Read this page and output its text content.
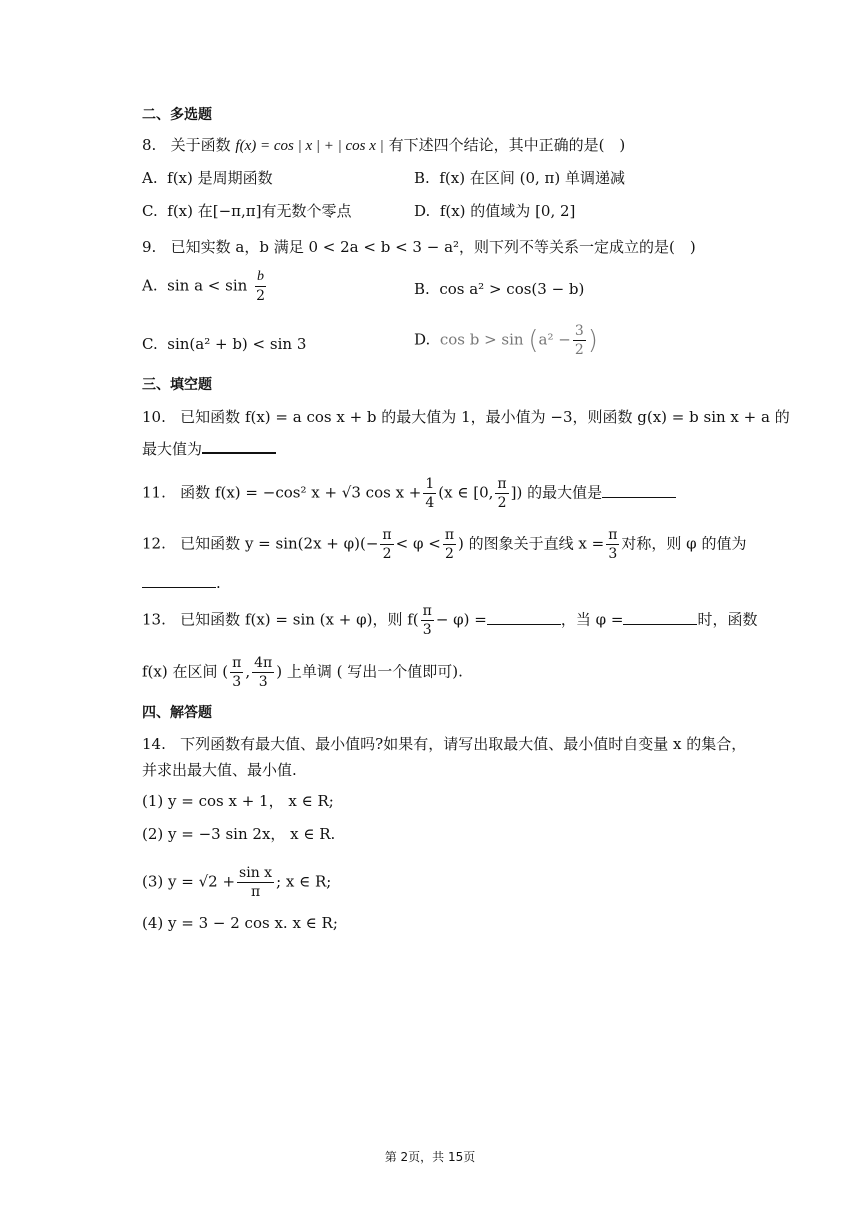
二、多选题
8. 关于函数 f(x) = cos | x | + | cos x | 有下述四个结论，其中正确的是(　)
A. f(x) 是周期函数	B. f(x) 在区间 (0, π) 单调递减
C. f(x) 在[−π,π]有无数个零点	D. f(x) 的值域为 [0, 2]
9. 已知实数 a，b 满足 0 < 2a < b < 3 − a²，则下列不等关系一定成立的是(　)
A. $\sin a < \sin \frac{b}{2}$	B. cos a² > cos(3 − b)
C. sin(a² + b) < sin 3	D. $\cos b > \sin (a^2 - \frac{3}{2}$ )
三、填空题
10. 已知函数 f(x) = a cos x + b 的最大值为 1，最小值为 −3，则函数 g(x) = b sin x + a 的
最大值为
11. 函数 f(x) = −cos² x + √3 $\cos x + \frac{1}{4} (x$ ∈ [0, $\frac{\pi}{2}$ ]) 的最大值是
12. 已知函数 $y = \sin(2x + \varphi)(- \frac{\pi}{2} < \varphi < \frac{\pi}{2}$ ) 的图象关于直线 $x = \frac{\pi}{3}$ 对称，则 φ 的值为
.
13. 已知函数 f(x) = sin (x + φ)，则 $f( \frac{\pi}{3} - \varphi)$ =	，当 φ =	时，函数
f(x) 在区间 ( $\frac{\pi}{3}$ , $\frac{4\pi}{3}$ ) 上单调 ( 写出一个值即可).
四、解答题
14. 下列函数有最大值、最小值吗?如果有，请写出取最大值、最小值时自变量 x 的集合，
并求出最大值、最小值.
(1) y = cos x + 1， x ∈ R;
(2) y = −3 sin 2x， x ∈ R.
(3) $y = √2 + \frac{\text{sin x}}{\pi}$ ; x ∈ R;
(4) y = 3 − 2 cos x. x ∈ R;
第 2页，共 15页
